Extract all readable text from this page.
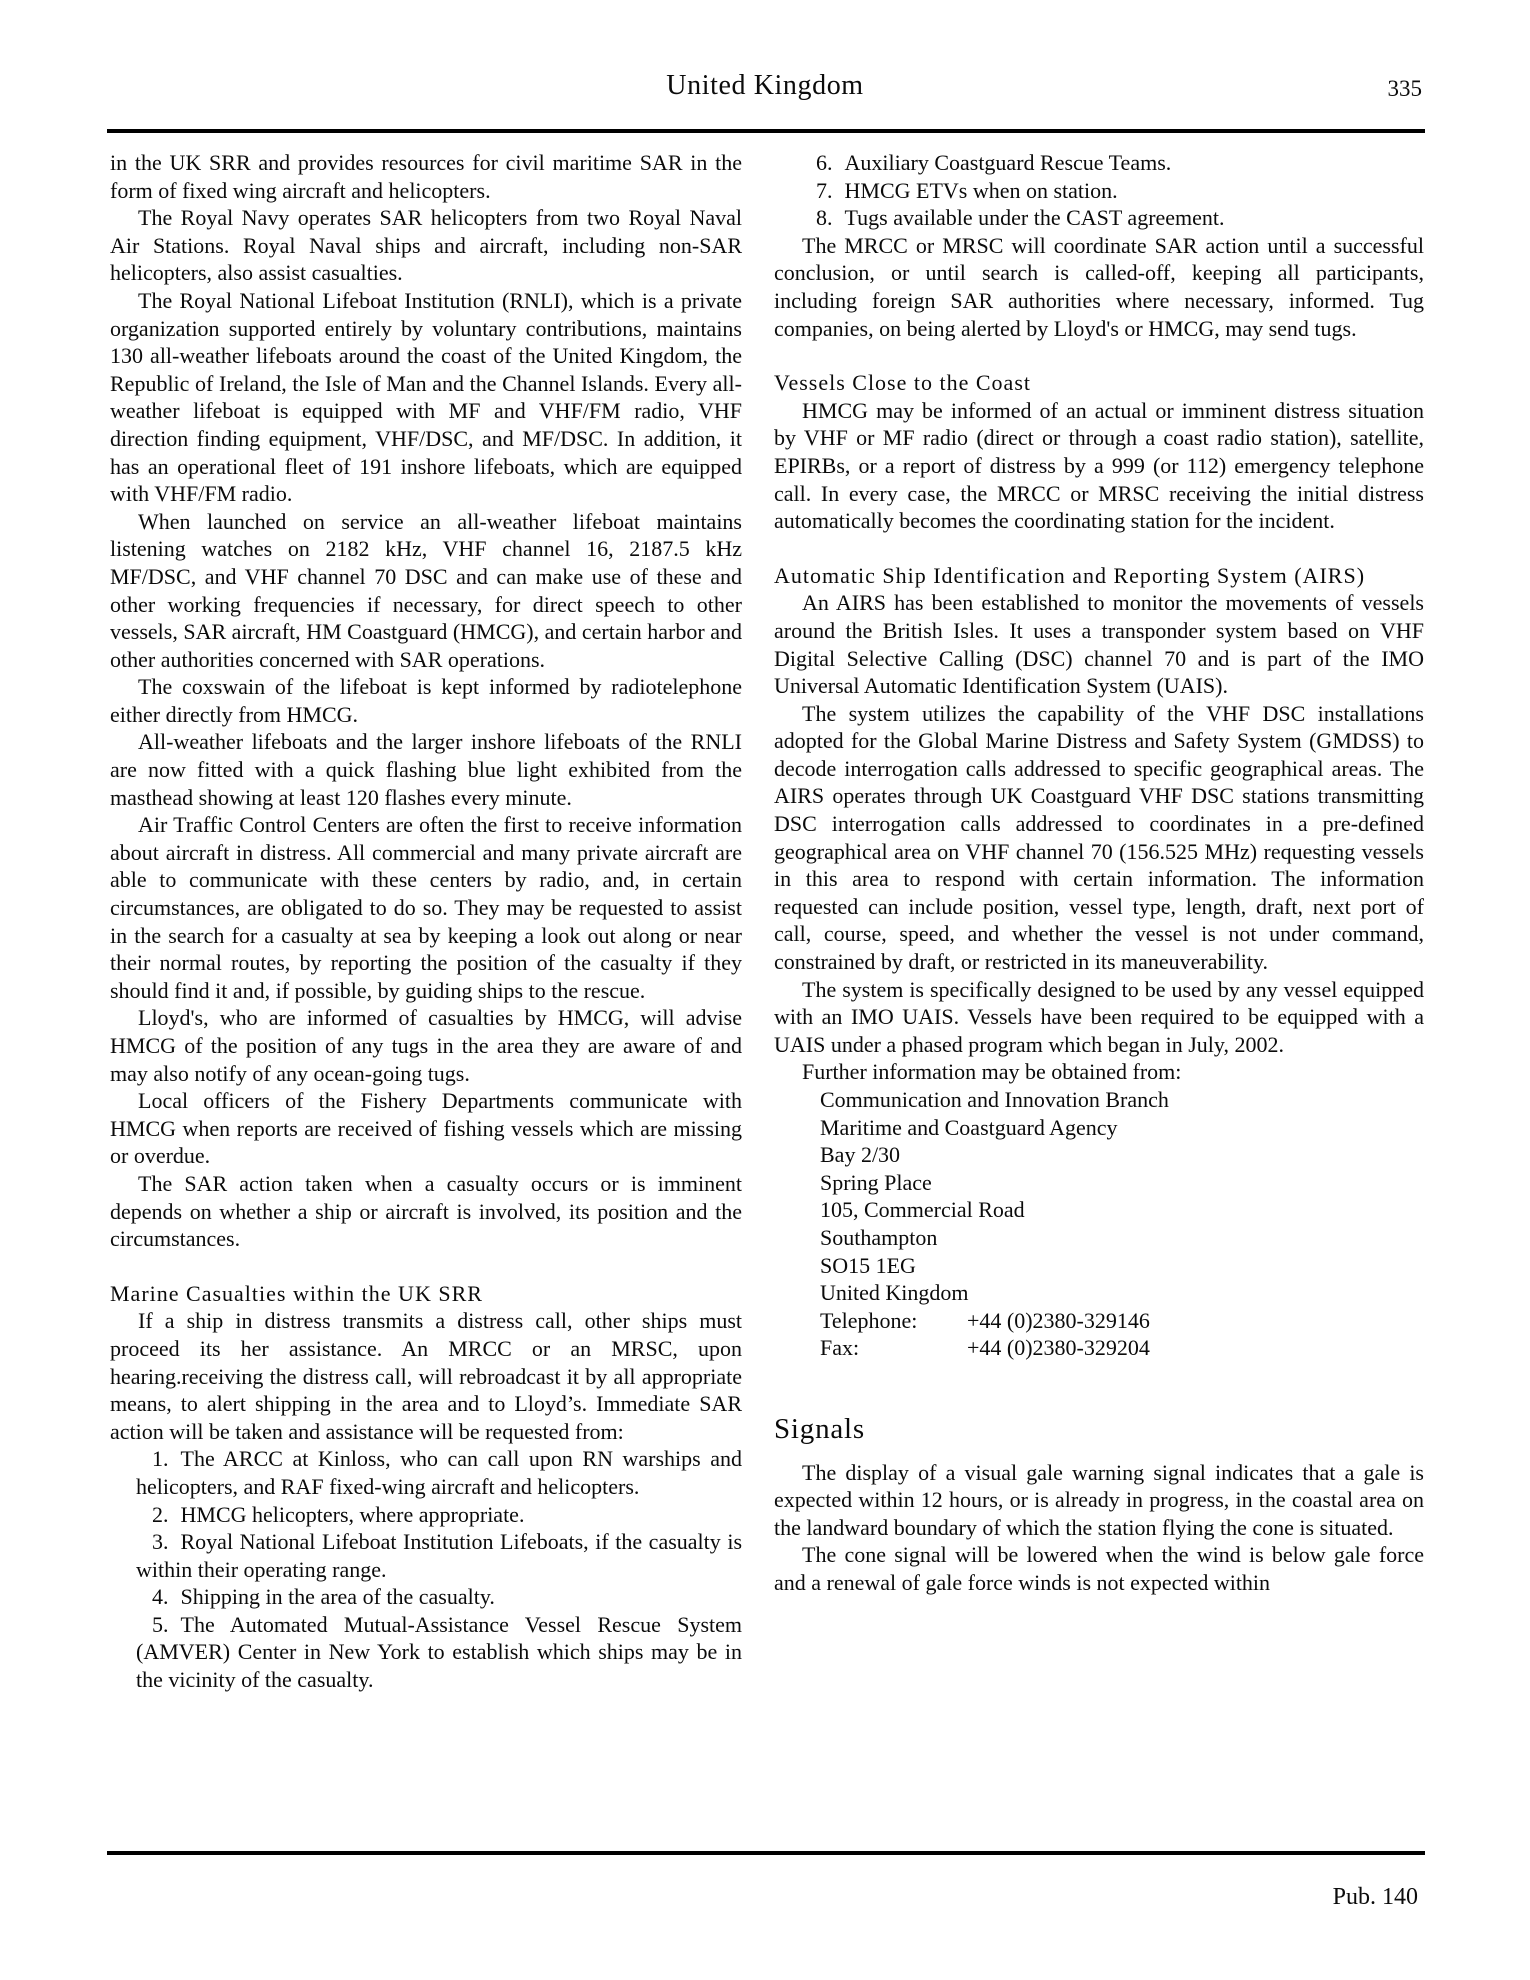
United Kingdom	335

in the UK SRR and provides resources for civil maritime SAR in the form of fixed wing aircraft and helicopters.

The Royal Navy operates SAR helicopters from two Royal Naval Air Stations. Royal Naval ships and aircraft, including non-SAR helicopters, also assist casualties.

The Royal National Lifeboat Institution (RNLI), which is a private organization supported entirely by voluntary contributions, maintains 130 all-weather lifeboats around the coast of the United Kingdom, the Republic of Ireland, the Isle of Man and the Channel Islands. Every all-weather lifeboat is equipped with MF and VHF/FM radio, VHF direction finding equipment, VHF/DSC, and MF/DSC. In addition, it has an operational fleet of 191 inshore lifeboats, which are equipped with VHF/FM radio.

When launched on service an all-weather lifeboat maintains listening watches on 2182 kHz, VHF channel 16, 2187.5 kHz MF/DSC, and VHF channel 70 DSC and can make use of these and other working frequencies if necessary, for direct speech to other vessels, SAR aircraft, HM Coastguard (HMCG), and certain harbor and other authorities concerned with SAR operations.

The coxswain of the lifeboat is kept informed by radiotelephone either directly from HMCG.

All-weather lifeboats and the larger inshore lifeboats of the RNLI are now fitted with a quick flashing blue light exhibited from the masthead showing at least 120 flashes every minute.

Air Traffic Control Centers are often the first to receive information about aircraft in distress. All commercial and many private aircraft are able to communicate with these centers by radio, and, in certain circumstances, are obligated to do so. They may be requested to assist in the search for a casualty at sea by keeping a look out along or near their normal routes, by reporting the position of the casualty if they should find it and, if possible, by guiding ships to the rescue.

Lloyd's, who are informed of casualties by HMCG, will advise HMCG of the position of any tugs in the area they are aware of and may also notify of any ocean-going tugs.

Local officers of the Fishery Departments communicate with HMCG when reports are received of fishing vessels which are missing or overdue.

The SAR action taken when a casualty occurs or is imminent depends on whether a ship or aircraft is involved, its position and the circumstances.

Marine Casualties within the UK SRR

If a ship in distress transmits a distress call, other ships must proceed its her assistance. An MRCC or an MRSC, upon hearing.receiving the distress call, will rebroadcast it by all appropriate means, to alert shipping in the area and to Lloyd’s. Immediate SAR action will be taken and assistance will be requested from:

1. The ARCC at Kinloss, who can call upon RN warships and helicopters, and RAF fixed-wing aircraft and helicopters.
2. HMCG helicopters, where appropriate.
3. Royal National Lifeboat Institution Lifeboats, if the casualty is within their operating range.
4. Shipping in the area of the casualty.
5. The Automated Mutual-Assistance Vessel Rescue System (AMVER) Center in New York to establish which ships may be in the vicinity of the casualty.
6. Auxiliary Coastguard Rescue Teams.
7. HMCG ETVs when on station.
8. Tugs available under the CAST agreement.

The MRCC or MRSC will coordinate SAR action until a successful conclusion, or until search is called-off, keeping all participants, including foreign SAR authorities where necessary, informed. Tug companies, on being alerted by Lloyd's or HMCG, may send tugs.

Vessels Close to the Coast

HMCG may be informed of an actual or imminent distress situation by VHF or MF radio (direct or through a coast radio station), satellite, EPIRBs, or a report of distress by a 999 (or 112) emergency telephone call. In every case, the MRCC or MRSC receiving the initial distress automatically becomes the coordinating station for the incident.

Automatic Ship Identification and Reporting System (AIRS)

An AIRS has been established to monitor the movements of vessels around the British Isles. It uses a transponder system based on VHF Digital Selective Calling (DSC) channel 70 and is part of the IMO Universal Automatic Identification System (UAIS).

The system utilizes the capability of the VHF DSC installations adopted for the Global Marine Distress and Safety System (GMDSS) to decode interrogation calls addressed to specific geographical areas. The AIRS operates through UK Coastguard VHF DSC stations transmitting DSC interrogation calls addressed to coordinates in a pre-defined geographical area on VHF channel 70 (156.525 MHz) requesting vessels in this area to respond with certain information. The information requested can include position, vessel type, length, draft, next port of call, course, speed, and whether the vessel is not under command, constrained by draft, or restricted in its maneuverability.

The system is specifically designed to be used by any vessel equipped with an IMO UAIS. Vessels have been required to be equipped with a UAIS under a phased program which began in July, 2002.

Further information may be obtained from:

Communication and Innovation Branch
Maritime and Coastguard Agency
Bay 2/30
Spring Place
105, Commercial Road
Southampton
SO15 1EG
United Kingdom
Telephone: +44 (0)2380-329146
Fax:	+44 (0)2380-329204

Signals

The display of a visual gale warning signal indicates that a gale is expected within 12 hours, or is already in progress, in the coastal area on the landward boundary of which the station flying the cone is situated.

The cone signal will be lowered when the wind is below gale force and a renewal of gale force winds is not expected within

Pub. 140
